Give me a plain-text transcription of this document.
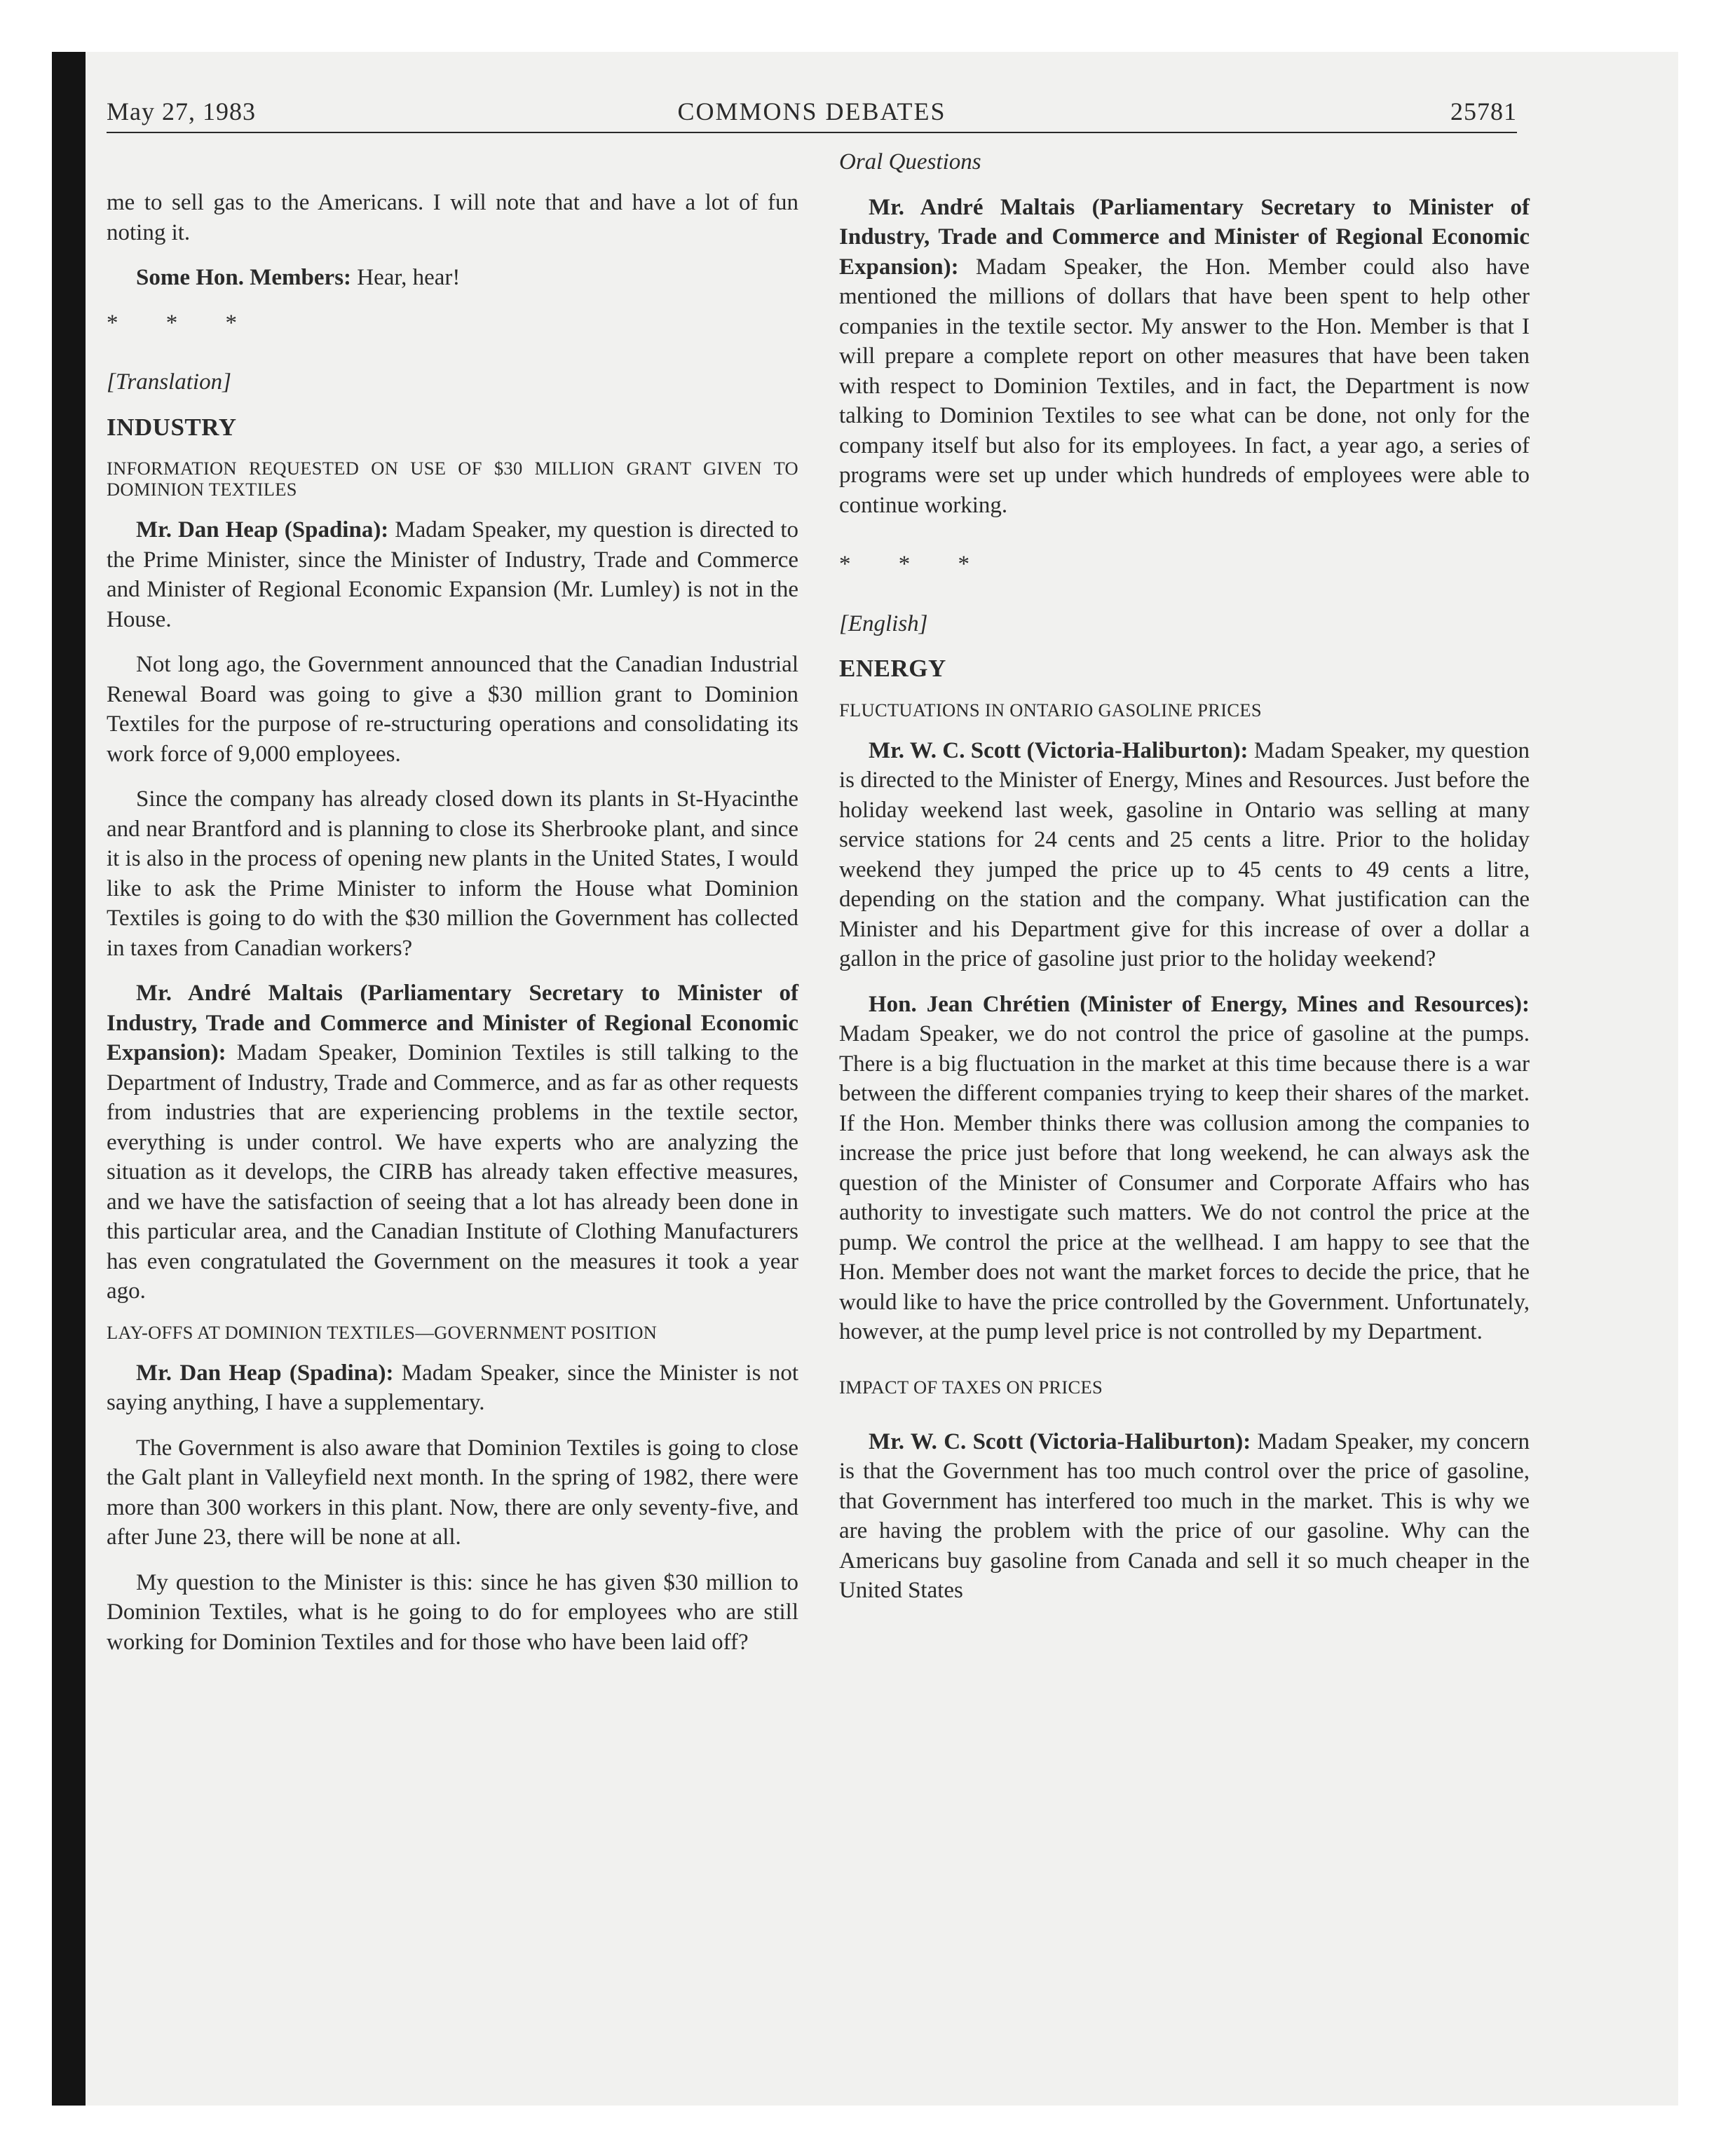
May 27, 1983	COMMONS DEBATES	25781

me to sell gas to the Americans. I will note that and have a lot of fun noting it.

Some Hon. Members: Hear, hear!

* * *

[Translation]

INDUSTRY

INFORMATION REQUESTED ON USE OF $30 MILLION GRANT GIVEN TO DOMINION TEXTILES

Mr. Dan Heap (Spadina): Madam Speaker, my question is directed to the Prime Minister, since the Minister of Industry, Trade and Commerce and Minister of Regional Economic Expansion (Mr. Lumley) is not in the House.

Not long ago, the Government announced that the Canadian Industrial Renewal Board was going to give a $30 million grant to Dominion Textiles for the purpose of re-structuring operations and consolidating its work force of 9,000 employees.

Since the company has already closed down its plants in St-Hyacinthe and near Brantford and is planning to close its Sherbrooke plant, and since it is also in the process of opening new plants in the United States, I would like to ask the Prime Minister to inform the House what Dominion Textiles is going to do with the $30 million the Government has collected in taxes from Canadian workers?

Mr. André Maltais (Parliamentary Secretary to Minister of Industry, Trade and Commerce and Minister of Regional Economic Expansion): Madam Speaker, Dominion Textiles is still talking to the Department of Industry, Trade and Commerce, and as far as other requests from industries that are experiencing problems in the textile sector, everything is under control. We have experts who are analyzing the situation as it develops, the CIRB has already taken effective measures, and we have the satisfaction of seeing that a lot has already been done in this particular area, and the Canadian Institute of Clothing Manufacturers has even congratulated the Government on the measures it took a year ago.

LAY-OFFS AT DOMINION TEXTILES—GOVERNMENT POSITION

Mr. Dan Heap (Spadina): Madam Speaker, since the Minister is not saying anything, I have a supplementary.

The Government is also aware that Dominion Textiles is going to close the Galt plant in Valleyfield next month. In the spring of 1982, there were more than 300 workers in this plant. Now, there are only seventy-five, and after June 23, there will be none at all.

My question to the Minister is this: since he has given $30 million to Dominion Textiles, what is he going to do for employees who are still working for Dominion Textiles and for those who have been laid off?

Oral Questions

Mr. André Maltais (Parliamentary Secretary to Minister of Industry, Trade and Commerce and Minister of Regional Economic Expansion): Madam Speaker, the Hon. Member could also have mentioned the millions of dollars that have been spent to help other companies in the textile sector. My answer to the Hon. Member is that I will prepare a complete report on other measures that have been taken with respect to Dominion Textiles, and in fact, the Department is now talking to Dominion Textiles to see what can be done, not only for the company itself but also for its employees. In fact, a year ago, a series of programs were set up under which hundreds of employees were able to continue working.

* * *

[English]

ENERGY

FLUCTUATIONS IN ONTARIO GASOLINE PRICES

Mr. W. C. Scott (Victoria-Haliburton): Madam Speaker, my question is directed to the Minister of Energy, Mines and Resources. Just before the holiday weekend last week, gasoline in Ontario was selling at many service stations for 24 cents and 25 cents a litre. Prior to the holiday weekend they jumped the price up to 45 cents to 49 cents a litre, depending on the station and the company. What justification can the Minister and his Department give for this increase of over a dollar a gallon in the price of gasoline just prior to the holiday weekend?

Hon. Jean Chrétien (Minister of Energy, Mines and Resources): Madam Speaker, we do not control the price of gasoline at the pumps. There is a big fluctuation in the market at this time because there is a war between the different companies trying to keep their shares of the market. If the Hon. Member thinks there was collusion among the companies to increase the price just before that long weekend, he can always ask the question of the Minister of Consumer and Corporate Affairs who has authority to investigate such matters. We do not control the price at the pump. We control the price at the wellhead. I am happy to see that the Hon. Member does not want the market forces to decide the price, that he would like to have the price controlled by the Government. Unfortunately, however, at the pump level price is not controlled by my Department.

IMPACT OF TAXES ON PRICES

Mr. W. C. Scott (Victoria-Haliburton): Madam Speaker, my concern is that the Government has too much control over the price of gasoline, that Government has interfered too much in the market. This is why we are having the problem with the price of our gasoline. Why can the Americans buy gasoline from Canada and sell it so much cheaper in the United States
